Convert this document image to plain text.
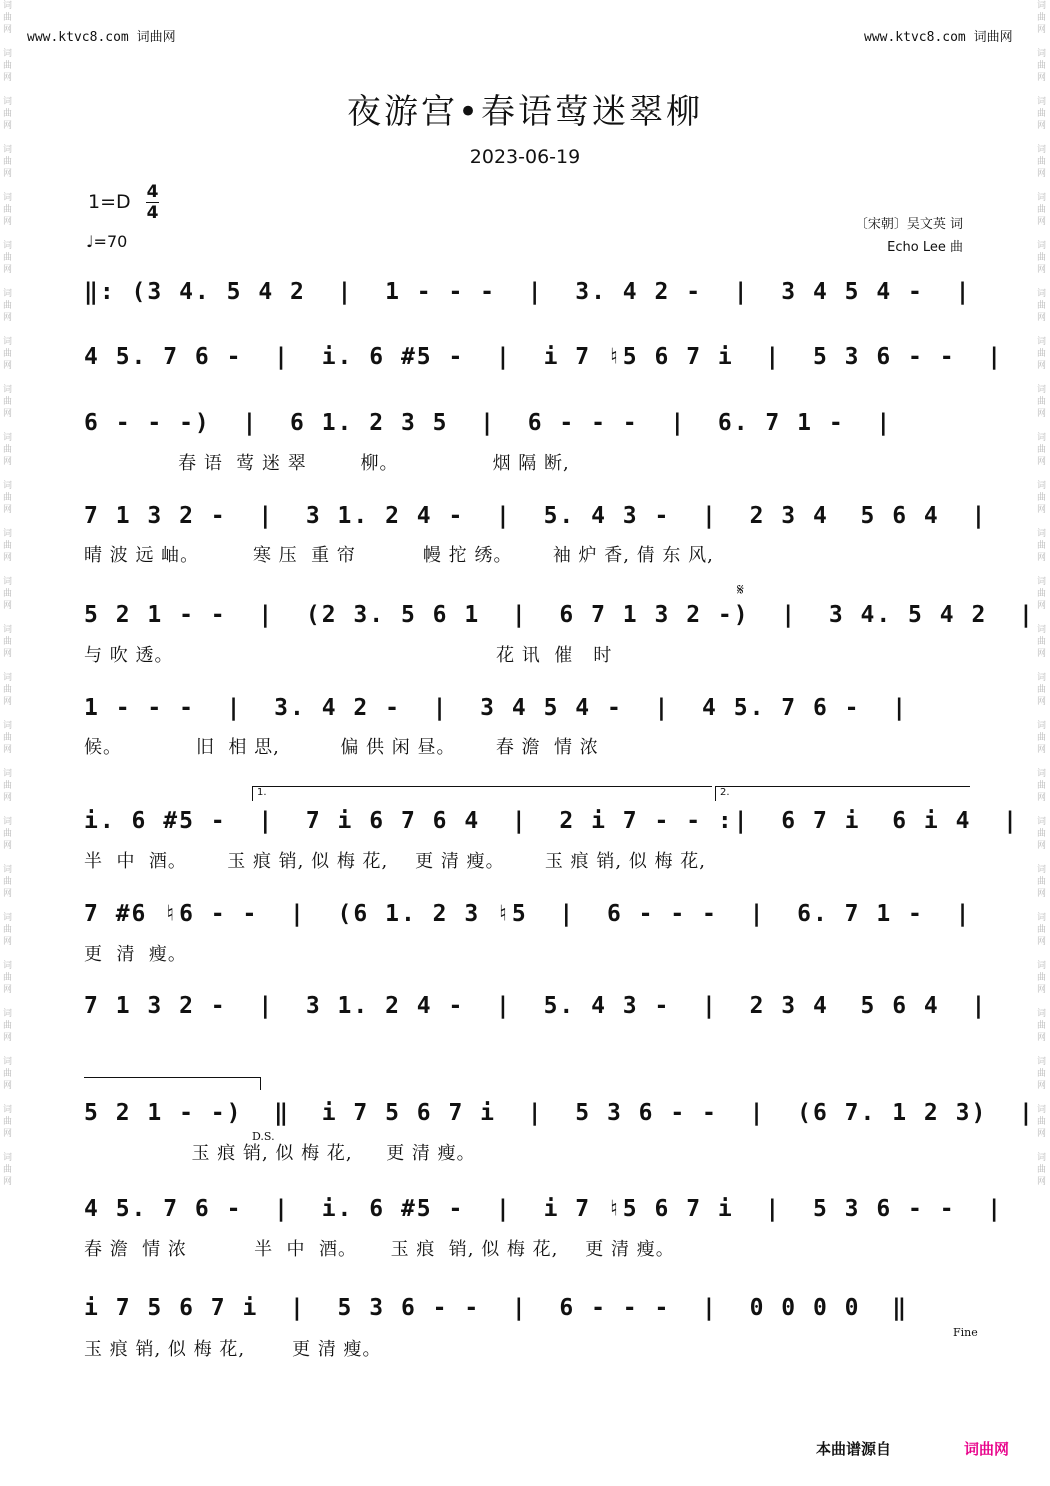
www.ktvc8.com 词曲网	www.ktvc8.com 词曲网
词曲网
词曲网
词曲网
词曲网
词曲网
词曲网
词曲网
词曲网
词曲网
词曲网
词曲网
词曲网
词曲网
词曲网
词曲网
词曲网
词曲网
词曲网
词曲网
词曲网
词曲网
词曲网
词曲网
词曲网
词曲网
词曲网
词曲网
词曲网
词曲网
词曲网
词曲网
词曲网
词曲网
词曲网
词曲网
词曲网
词曲网
词曲网
词曲网
词曲网
词曲网
词曲网
词曲网
词曲网
词曲网
词曲网
词曲网
词曲网
词曲网
词曲网
夜游宫•春语莺迷翠柳
2023-06-19
1=D 4
4
♩=70
〔宋朝〕吴文英 词
Echo Lee 曲
‖: (3 4. 5 4 2  |  1 - - -  |  3. 4 2 -  |  3 4 5 4 -  |
4 5. 7 6 -  |  i. 6 #5 -  |  i 7 ♮5 6 7 i  |  5 3 6 - -  |
6 - - -)  |  6 1. 2 3 5  |  6 - - -  |  6. 7 1 -  |
春 语  莺 迷 翠        柳。              烟 隔 断,
7 1 3 2 -  |  3 1. 2 4 -  |  5. 4 3 -  |  2 3 4  5 6 4  |
晴 波 远 岫。        寒 压  重 帘          幔 拕 绣。      袖 炉 香, 倩 东 风,
𝄋
5 2 1 - -  |  (2 3. 5 6 1  |  6 7 1 3 2 -)  |  3 4. 5 4 2  |
与 吹 透。                                                花 讯  催   时
1 - - -  |  3. 4 2 -  |  3 4 5 4 -  |  4 5. 7 6 -  |
候。           旧  相 思,         偏 供 闲 昼。      春 澹  情 浓
1.	2.
i. 6 #5 -  |  7 i 6 7 6 4  |  2 i 7 - - :|  6 7 i  6 i 4  |
半  中  酒。      玉 痕 销, 似 梅 花,    更 清 瘦。      玉 痕 销, 似 梅 花,
7 #6 ♮6 - -  |  (6 1. 2 3 ♮5  |  6 - - -  |  6. 7 1 -  |
更  清  瘦。
7 1 3 2 -  |  3 1. 2 4 -  |  5. 4 3 -  |  2 3 4  5 6 4  |
5 2 1 - -)  ‖  i 7 5 6 7 i  |  5 3 6 - -  |  (6 7. 1 2 3)  |
D.S.
玉 痕 销, 似 梅 花,     更 清 瘦。
4 5. 7 6 -  |  i. 6 #5 -  |  i 7 ♮5 6 7 i  |  5 3 6 - -  |
春 澹  情 浓          半  中  酒。     玉 痕  销, 似 梅 花,    更 清 瘦。
i 7 5 6 7 i  |  5 3 6 - -  |  6 - - -  |  0 0 0 0  ‖
Fine
玉 痕 销, 似 梅 花,       更 清 瘦。
本曲谱源自	词曲网
